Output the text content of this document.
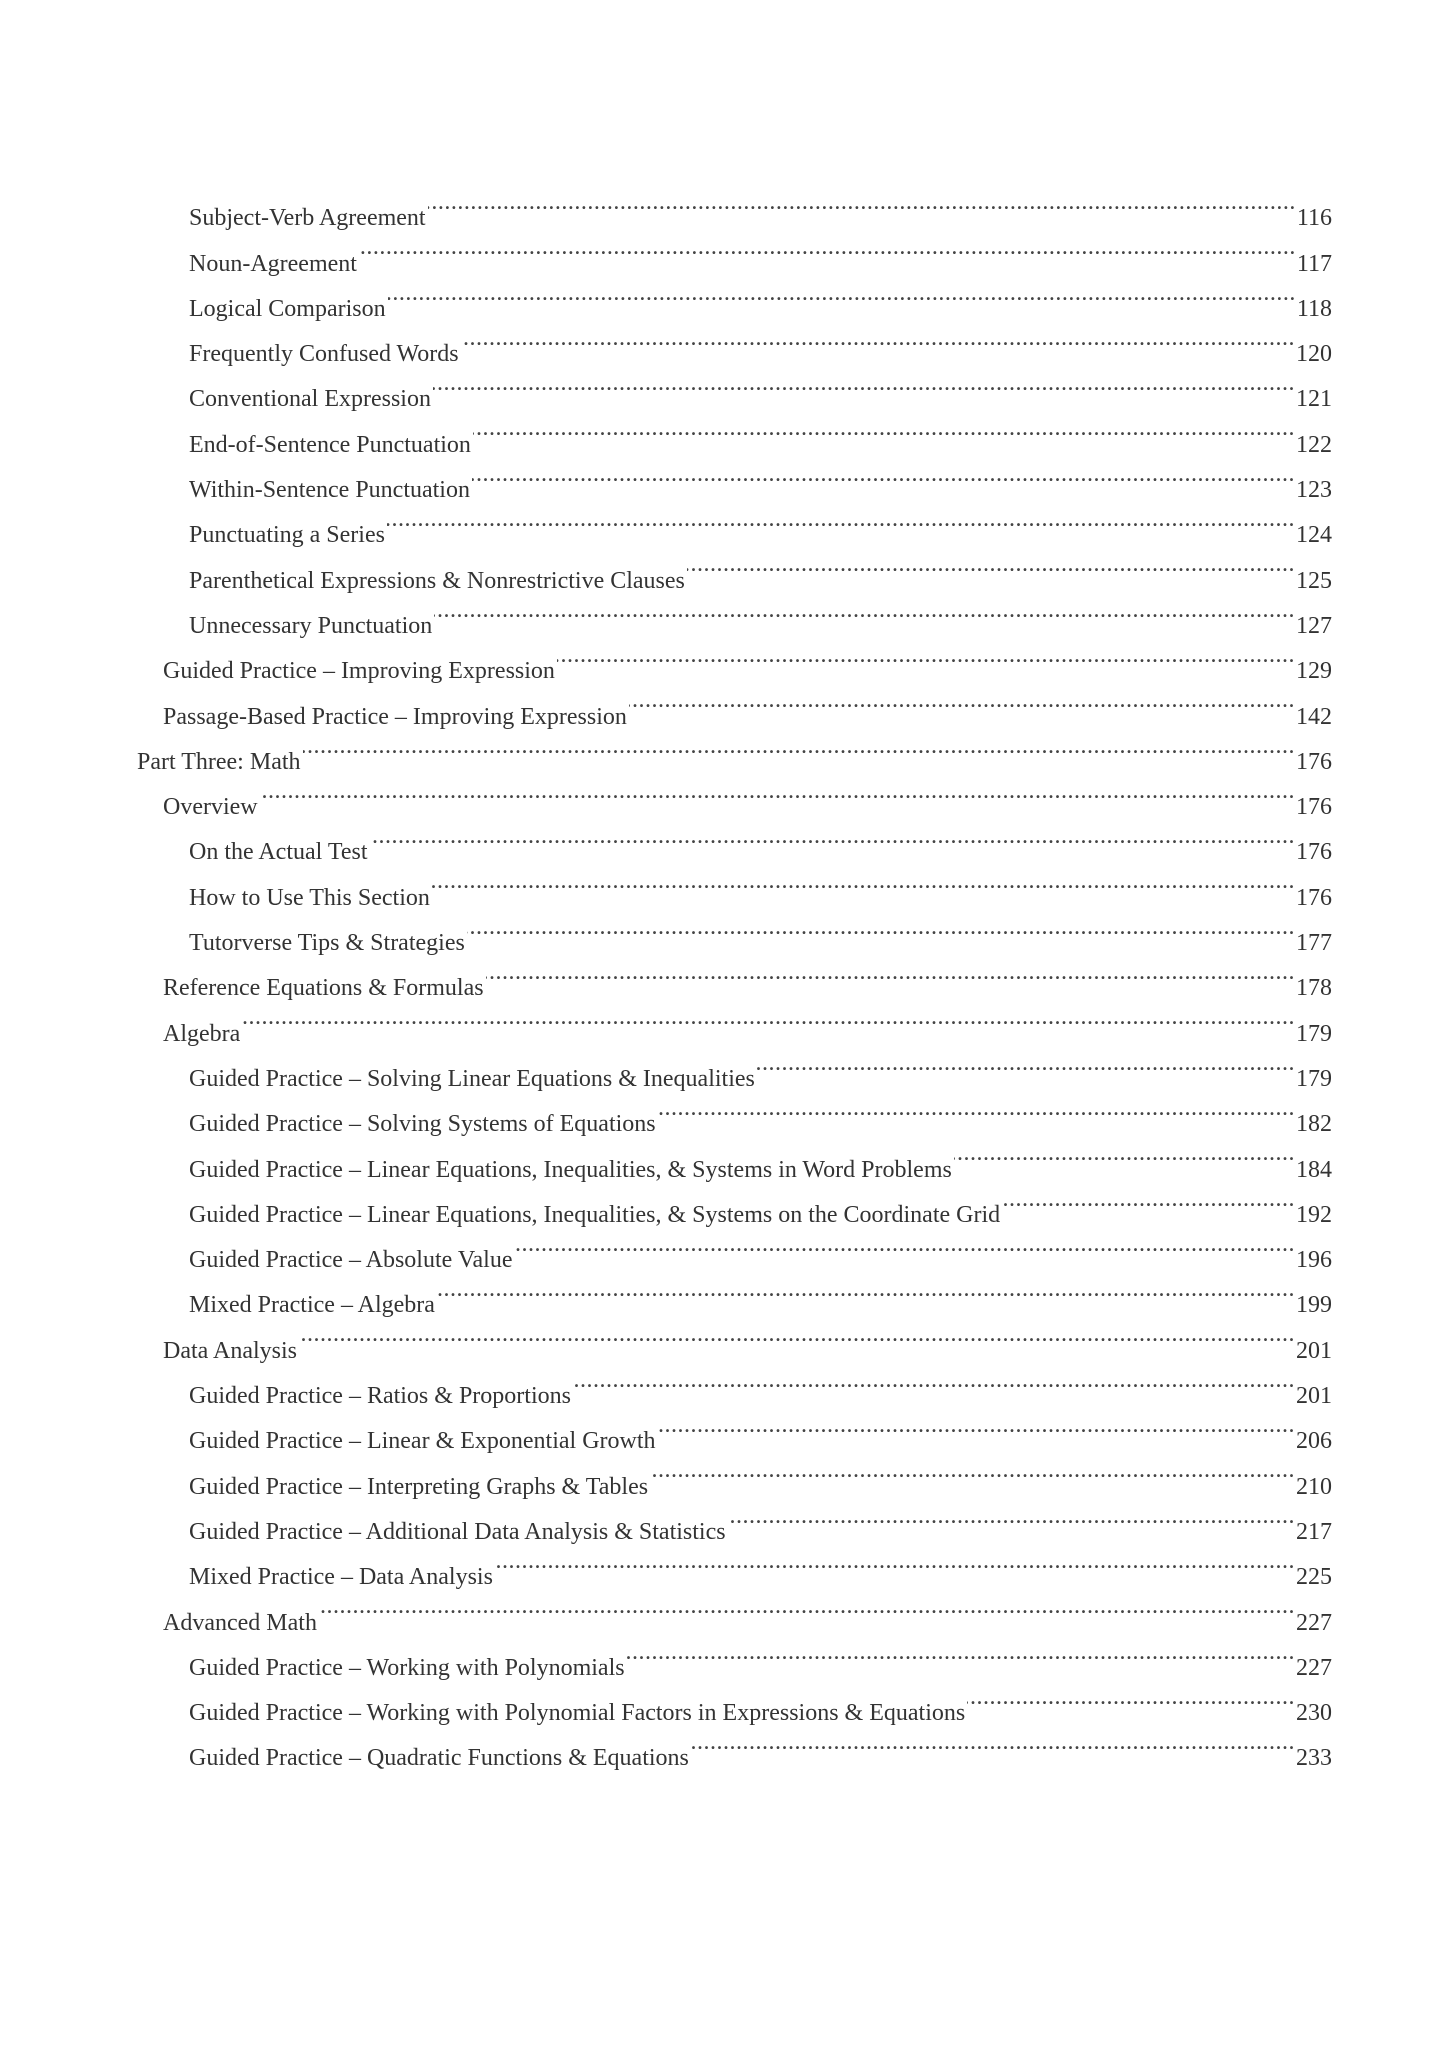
Subject-Verb Agreement .....	116
Noun-Agreement .....	117
Logical Comparison .....	118
Frequently Confused Words .....	120
Conventional Expression .....	121
End-of-Sentence Punctuation .....	122
Within-Sentence Punctuation .....	123
Punctuating a Series .....	124
Parenthetical Expressions & Nonrestrictive Clauses .....	125
Unnecessary Punctuation .....	127
Guided Practice – Improving Expression .....	129
Passage-Based Practice – Improving Expression .....	142
Part Three: Math .....	176
Overview .....	176
On the Actual Test .....	176
How to Use This Section .....	176
Tutorverse Tips & Strategies .....	177
Reference Equations & Formulas .....	178
Algebra .....	179
Guided Practice – Solving Linear Equations & Inequalities .....	179
Guided Practice – Solving Systems of Equations .....	182
Guided Practice – Linear Equations, Inequalities, & Systems in Word Problems .....	184
Guided Practice – Linear Equations, Inequalities, & Systems on the Coordinate Grid .....	192
Guided Practice – Absolute Value .....	196
Mixed Practice – Algebra .....	199
Data Analysis .....	201
Guided Practice – Ratios & Proportions .....	201
Guided Practice – Linear & Exponential Growth .....	206
Guided Practice – Interpreting Graphs & Tables .....	210
Guided Practice – Additional Data Analysis & Statistics .....	217
Mixed Practice – Data Analysis .....	225
Advanced Math .....	227
Guided Practice – Working with Polynomials .....	227
Guided Practice – Working with Polynomial Factors in Expressions & Equations .....	230
Guided Practice – Quadratic Functions & Equations .....	233
